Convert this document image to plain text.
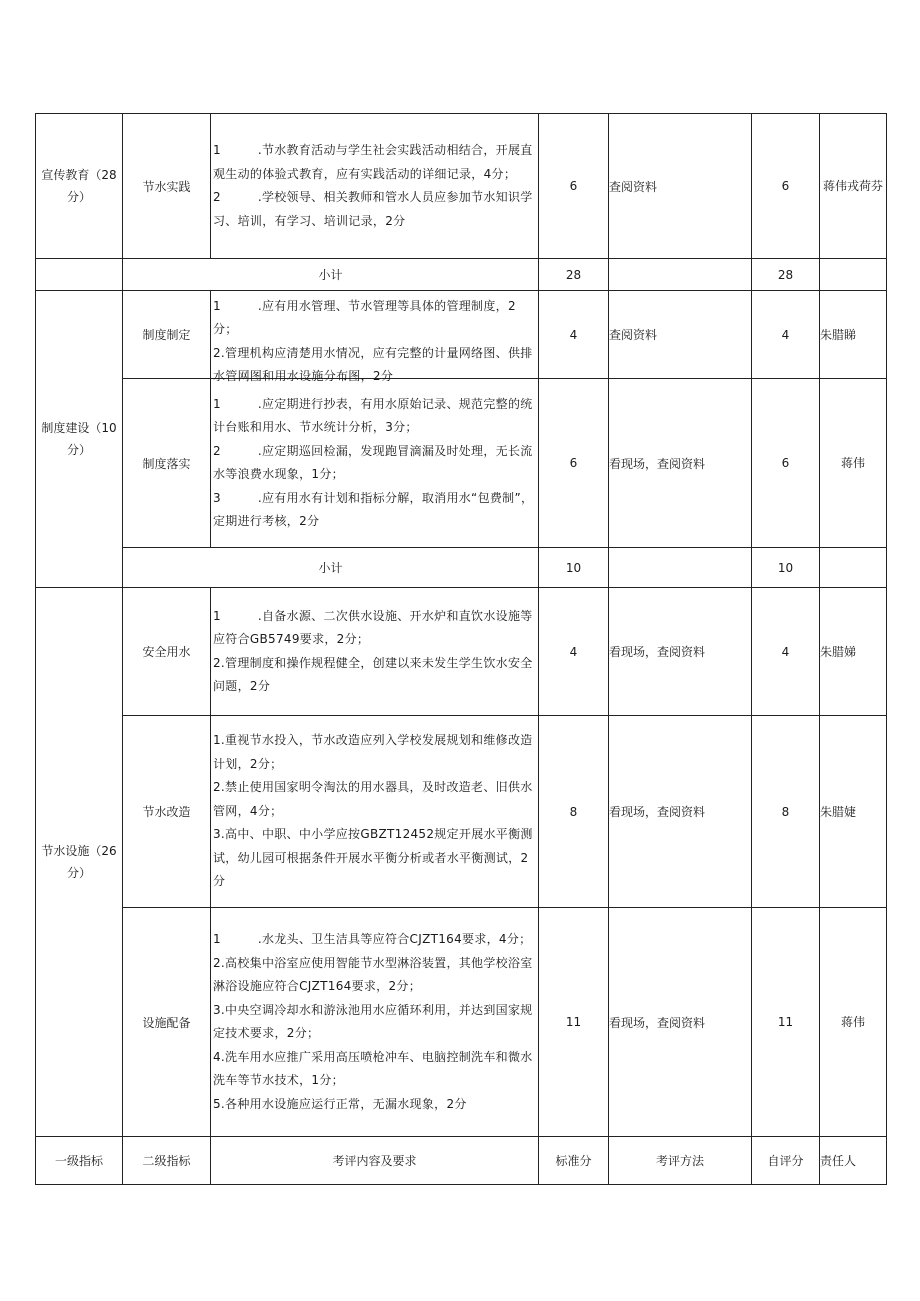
宣传教育（28分）	节水实践	1　　　.节水教育活动与学生社会实践活动相结合，开展直观生动的体验式教育，应有实践活动的详细记录，4分；
2　　　.学校领导、相关教师和管水人员应参加节水知识学习、培训，有学习、培训记录，2分	6	查阅资料	6	蒋伟戎荷芬
	小计		28		28	
制度建设（10分）	制度制定	1　　　.应有用水管理、节水管理等具体的管理制度，2分；
2.管理机构应清楚用水情况，应有完整的计量网络图、供排水管网图和用水设施分布图，2分	4	查阅资料	4	朱腊睇
	制度落实	1　　　.应定期进行抄表，有用水原始记录、规范完整的统计台账和用水、节水统计分析，3分；
2　　　.应定期巡回检漏，发现跑冒滴漏及时处理，无长流水等浪费水现象，1分；
3　　　.应有用水有计划和指标分解，取消用水“包费制”，定期进行考核，2分	6	看现场，查阅资料	6	蒋伟
	小计		10		10	
节水设施（26分）	安全用水	1　　　.自备水源、二次供水设施、开水炉和直饮水设施等应符合GB5749要求，2分；
2.管理制度和操作规程健全，创建以来未发生学生饮水安全问题，2分	4	看现场，查阅资料	4	朱腊娣
	节水改造	1.重视节水投入，节水改造应列入学校发展规划和维修改造计划，2分；
2.禁止使用国家明令淘汰的用水器具，及时改造老、旧供水管网，4分；
3.高中、中职、中小学应按GBZT12452规定开展水平衡测试，幼儿园可根据条件开展水平衡分析或者水平衡测试，2分	8	看现场，查阅资料	8	朱腊婕
	设施配备	1　　　.水龙头、卫生洁具等应符合CJZT164要求，4分；
2.高校集中浴室应使用智能节水型淋浴装置，其他学校浴室淋浴设施应符合CJZT164要求，2分；
3.中央空调冷却水和游泳池用水应循环利用，并达到国家规定技术要求，2分；
4.洗车用水应推广采用高压喷枪冲车、电脑控制洗车和微水洗车等节水技术，1分；
5.各种用水设施应运行正常，无漏水现象，2分	11	看现场，查阅资料	11	蒋伟
一级指标	二级指标	考评内容及要求	标准分	考评方法	自评分	责任人
